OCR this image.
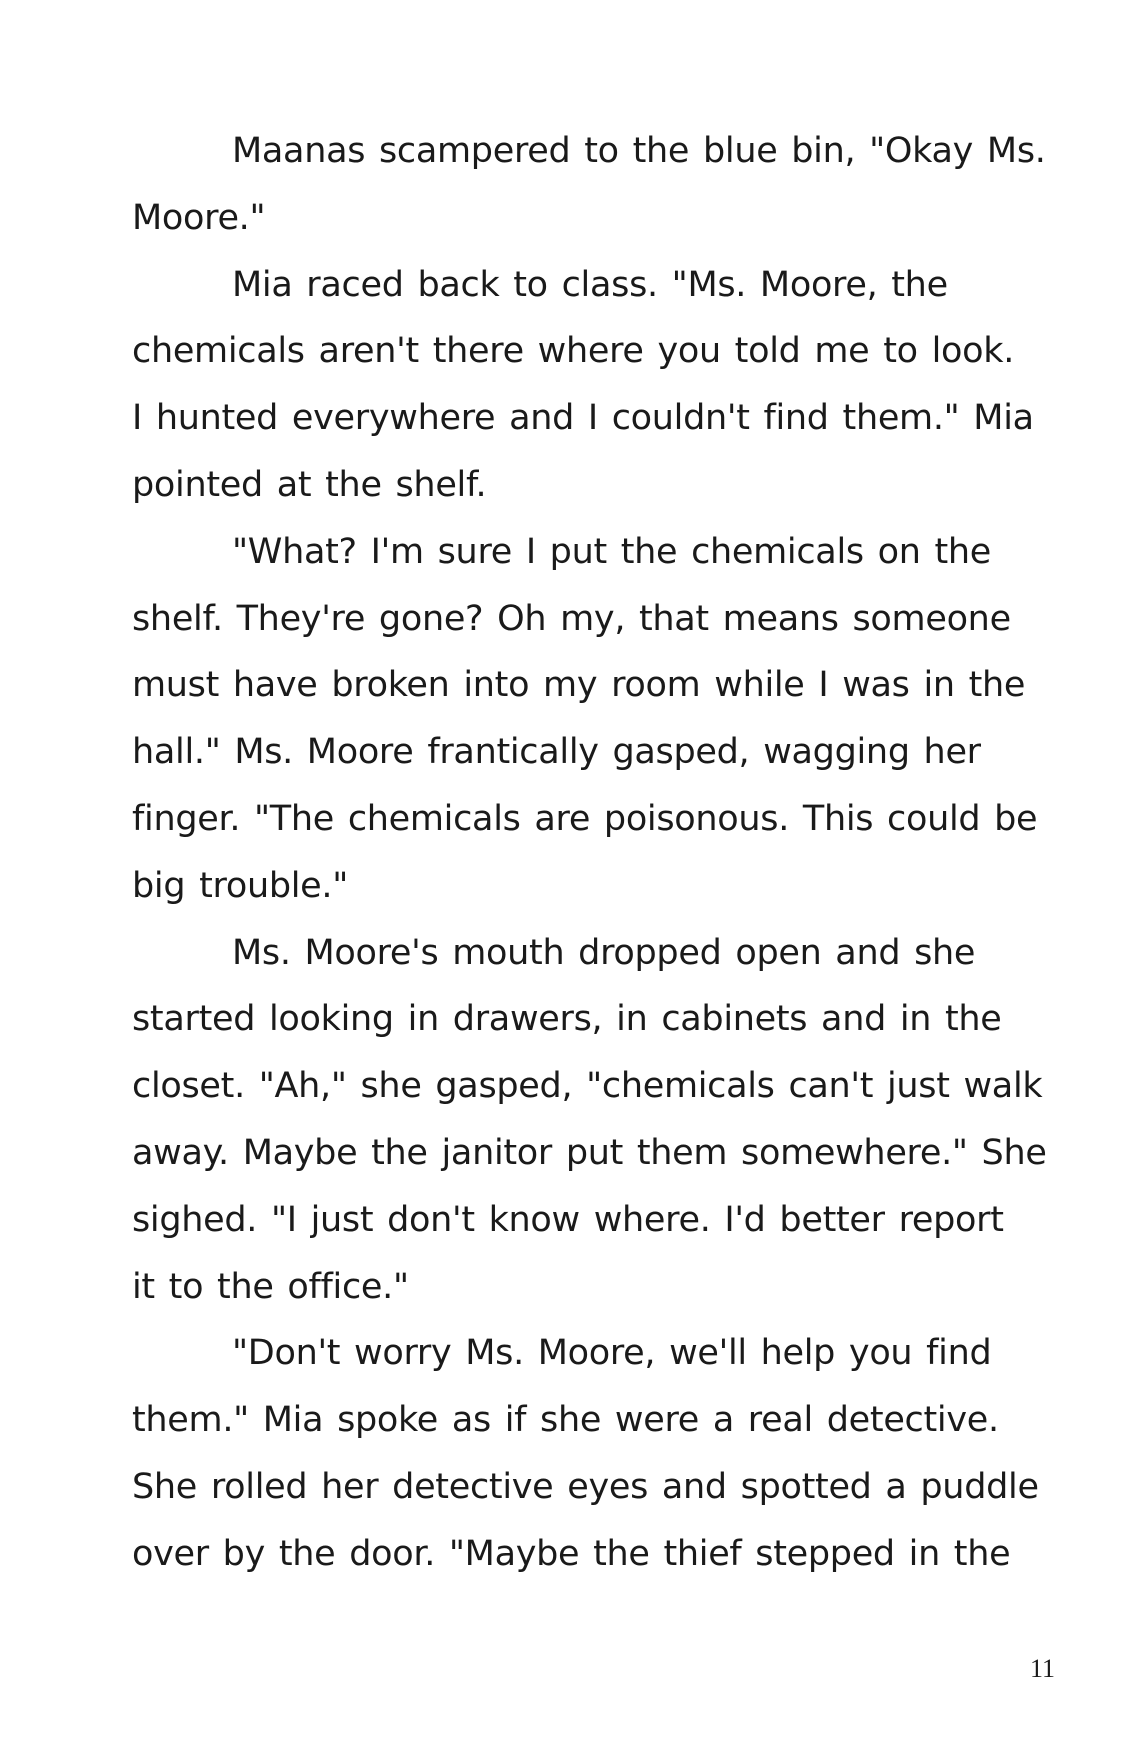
Maanas scampered to the blue bin, "Okay Ms.
Moore."
Mia raced back to class. "Ms. Moore, the
chemicals aren't there where you told me to look.
I hunted everywhere and I couldn't find them." Mia
pointed at the shelf.
"What? I'm sure I put the chemicals on the
shelf. They're gone? Oh my, that means someone
must have broken into my room while I was in the
hall." Ms. Moore frantically gasped, wagging her
finger. "The chemicals are poisonous. This could be
big trouble."
Ms. Moore's mouth dropped open and she
started looking in drawers, in cabinets and in the
closet. "Ah," she gasped, "chemicals can't just walk
away. Maybe the janitor put them somewhere." She
sighed. "I just don't know where. I'd better report
it to the office."
"Don't worry Ms. Moore, we'll help you find
them." Mia spoke as if she were a real detective.
She rolled her detective eyes and spotted a puddle
over by the door. "Maybe the thief stepped in the
11
